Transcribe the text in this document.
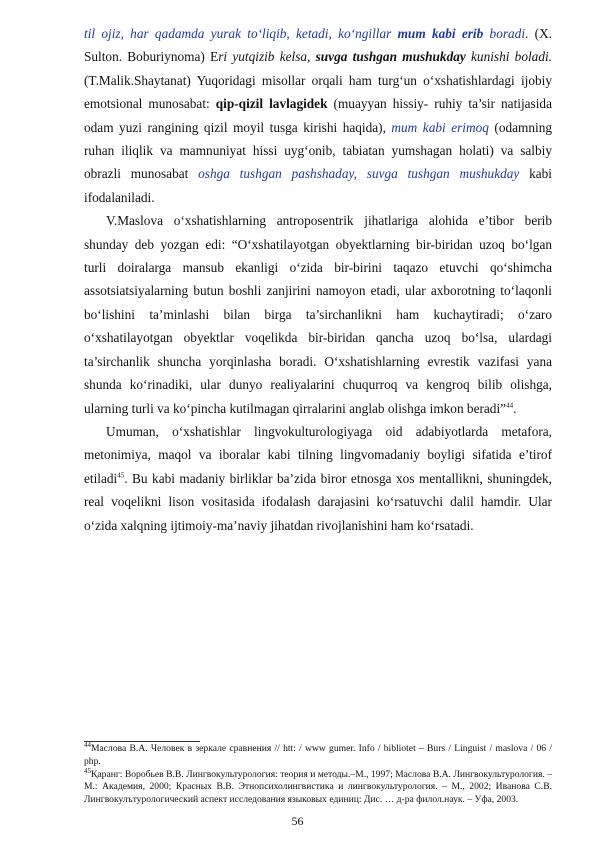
til ojiz, har qadamda yurak to‘liqib, ketadi, ko‘ngillar mum kabi erib boradi. (X. Sulton. Boburiynoma) Eri yutqizib kelsa, suvga tushgan mushukday kunishi boladi. (T.Malik.Shaytanat) Yuqoridagi misollar orqali ham turg‘un o‘xshatishlardagi ijobiy emotsional munosabat: qip-qizil lavlagidek (muayyan hissiy- ruhiy ta’sir natijasida odam yuzi rangining qizil moyil tusga kirishi haqida), mum kabi erimoq (odamning ruhan iliqlik va mamnuniyat hissi uyg‘onib, tabiatan yumshagan holati) va salbiy obrazli munosabat oshga tushgan pashshaday, suvga tushgan mushukday kabi ifodalaniladi.

V.Maslova o‘xshatishlarning antroposentrik jihatlariga alohida e’tibor berib shunday deb yozgan edi: “O‘xshatilayotgan obyektlarning bir-biridan uzoq bo‘lgan turli doiralarga mansub ekanligi o‘zida bir-birini taqazo etuvchi qo‘shimcha assotsiatsiyalarning butun boshli zanjirini namoyon etadi, ular axborotning to‘laqonli bo‘lishini ta’minlashi bilan birga ta’sirchanlikni ham kuchaytiradi; o‘zaro o‘xshatilayotgan obyektlar voqelikda bir-biridan qancha uzoq bo‘lsa, ulardagi ta’sirchanlik shuncha yorqinlashа boradi. O‘xshatishlarning evrestik vazifasi yana shunda ko‘rinadiki, ular dunyo realiyalarini chuqurroq va kengroq bilib olishga, ularning turli va ko‘pincha kutilmagan qirralarini anglab olishga imkon beradi”$^{44}$.

Umuman, o‘xshatishlar lingvokulturologiyaga oid adabiyotlarda metafora, metonimiya, maqol va iboralar kabi tilning lingvomadaniy boyligi sifatida e’tirof etiladi$^{45}$. Bu kabi madaniy birliklar ba’zida biror etnosga xos mentallikni, shuningdek, real voqelikni lison vositasida ifodalash darajasini ko‘rsatuvchi dalil hamdir. Ular o‘zida xalqning ijtimoiy-ma’naviy jihatdan rivojlanishini ham ko‘rsatadi.

$^{44}$Маслова В.А. Человек в зеркале сравнения // htt: / www gumer. Info / bibliotet – Burs / Linguist / maslova / 06 / php.

$^{45}$Қаранг: Воробьев В.В. Лингвокультурология: теория и методы.–М., 1997; Маслова В.А. Лингвокультурология. – М.: Академия, 2000; Красных В.В. Этнопсихолингвистика и лингвокультурология. – М., 2002; Иванова С.В. Лингвокулътурологический аспект исследования языковых единиц: Дис. … д-ра филол.наук. – Уфа, 2003.

56
